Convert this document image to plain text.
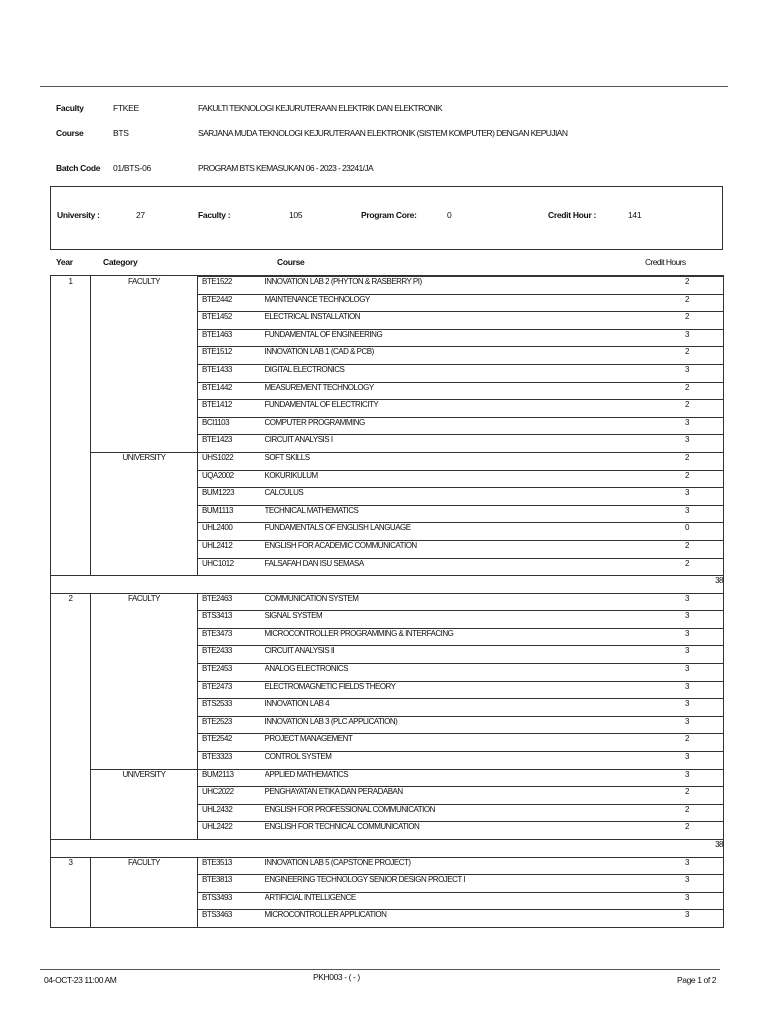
Faculty	FTKEE	FAKULTI TEKNOLOGI KEJURUTERAAN ELEKTRIK DAN ELEKTRONIK
Course	BTS	SARJANA MUDA TEKNOLOGI KEJURUTERAAN ELEKTRONIK (SISTEM KOMPUTER) DENGAN KEPUJIAN
Batch Code 01/BTS-06	PROGRAM BTS KEMASUKAN 06 - 2023 - 23241/JA
University :	27	Faculty :	105	Program Core:	0	Credit Hour :	141
Year	Category	Course	Credit Hours

1	FACULTY	BTE1522	INNOVATION LAB 2 (PHYTON & RASBERRY PI)	2
		BTE2442	MAINTENANCE TECHNOLOGY	2
		BTE1452	ELECTRICAL INSTALLATION	2
		BTE1463	FUNDAMENTAL OF ENGINEERING	3
		BTE1512	INNOVATION LAB 1 (CAD & PCB)	2
		BTE1433	DIGITAL ELECTRONICS	3
		BTE1442	MEASUREMENT TECHNOLOGY	2
		BTE1412	FUNDAMENTAL OF ELECTRICITY	2
		BCI1103	COMPUTER PROGRAMMING	3
		BTE1423	CIRCUIT ANALYSIS I	3
	UNIVERSITY	UHS1022	SOFT SKILLS	2
		UQA2002	KOKURIKULUM	2
		BUM1223	CALCULUS	3
		BUM1113	TECHNICAL MATHEMATICS	3
		UHL2400	FUNDAMENTALS OF ENGLISH LANGUAGE	0
		UHL2412	ENGLISH FOR ACADEMIC COMMUNICATION	2
		UHC1012	FALSAFAH DAN ISU SEMASA	2
				38
2	FACULTY	BTE2463	COMMUNICATION SYSTEM	3
		BTS3413	SIGNAL SYSTEM	3
		BTE3473	MICROCONTROLLER PROGRAMMING & INTERFACING	3
		BTE2433	CIRCUIT ANALYSIS II	3
		BTE2453	ANALOG ELECTRONICS	3
		BTE2473	ELECTROMAGNETIC FIELDS THEORY	3
		BTS2533	INNOVATION LAB 4	3
		BTE2523	INNOVATION LAB 3 (PLC APPLICATION)	3
		BTE2542	PROJECT MANAGEMENT	2
		BTE3323	CONTROL SYSTEM	3
	UNIVERSITY	BUM2113	APPLIED MATHEMATICS	3
		UHC2022	PENGHAYATAN ETIKA DAN PERADABAN	2
		UHL2432	ENGLISH FOR PROFESSIONAL COMMUNICATION	2
		UHL2422	ENGLISH FOR TECHNICAL COMMUNICATION	2
				38
3	FACULTY	BTE3513	INNOVATION LAB 5 (CAPSTONE PROJECT)	3
		BTE3813	ENGINEERING TECHNOLOGY SENIOR DESIGN PROJECT I	3
		BTS3493	ARTIFICIAL INTELLIGENCE	3
		BTS3463	MICROCONTROLLER APPLICATION	3
04-OCT-23 11:00 AM	PKH003 - ( - )	Page 1 of 2
